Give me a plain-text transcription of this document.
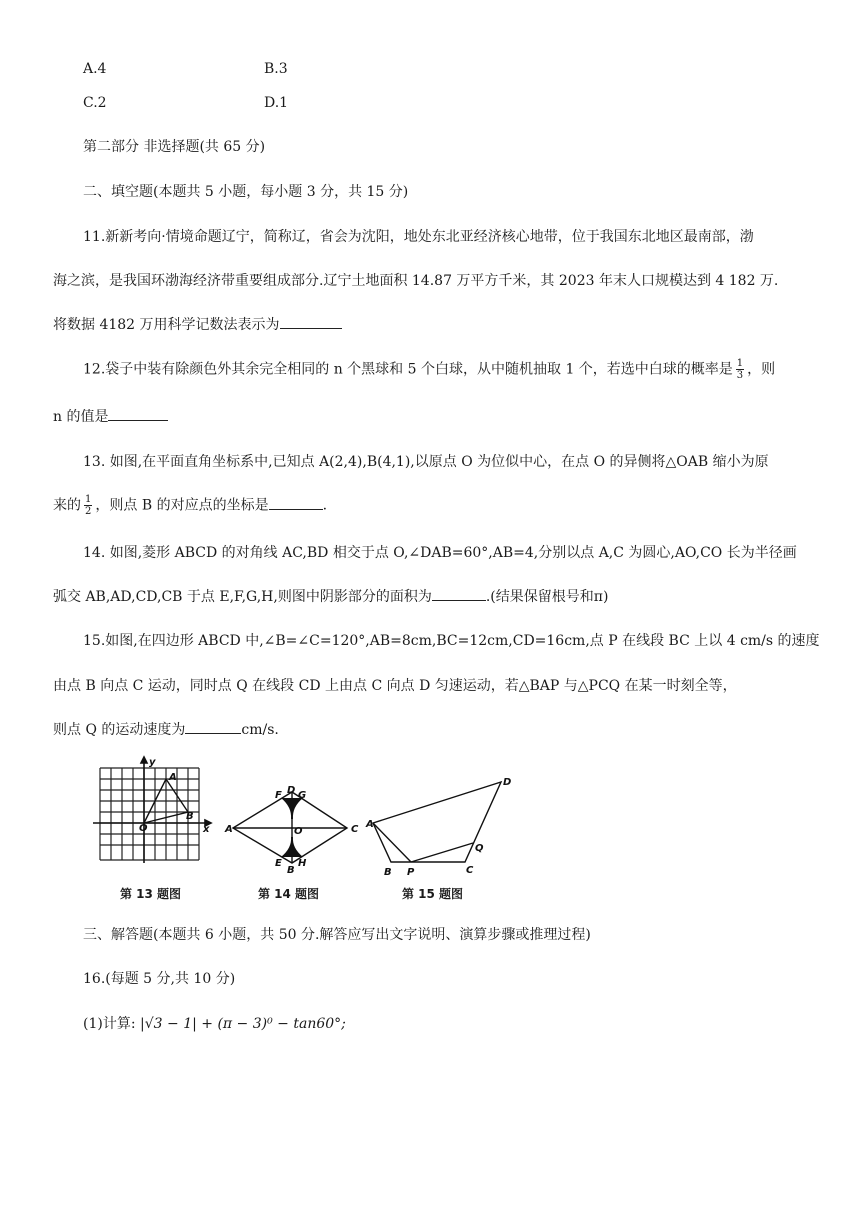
A.4	B.3
C.2	D.1
第二部分 非选择题(共 65 分)
二、填空题(本题共 5 小题，每小题 3 分，共 15 分)
11.新新考向·情境命题辽宁，简称辽，省会为沈阳，地处东北亚经济核心地带，位于我国东北地区最南部，渤
海之滨，是我国环渤海经济带重要组成部分.辽宁土地面积 14.87 万平方千米，其 2023 年末人口规模达到 4 182 万.
将数据 4182 万用科学记数法表示为
12.袋子中装有除颜色外其余完全相同的 n 个黑球和 5 个白球，从中随机抽取 1 个，若选中白球的概率是 $\frac{1}{3}$ ，则
n 的值是
13. 如图,在平面直角坐标系中,已知点 A(2,4),B(4,1),以原点 O 为位似中心，在点 O 的异侧将△OAB 缩小为原
来的 $\frac{1}{2}$ ，则点 B 的对应点的坐标是	.
14. 如图,菱形 ABCD 的对角线 AC,BD 相交于点 O,∠DAB=60°,AB=4,分别以点 A,C 为圆心,AO,CO 长为半径画
弧交 AB,AD,CD,CB 于点 E,F,G,H,则图中阴影部分的面积为	.(结果保留根号和π)
15.如图,在四边形 ABCD 中,∠B=∠C=120°,AB=8cm,BC=12cm,CD=16cm,点 P 在线段 BC 上以 4 cm/s 的速度
由点 B 向点 C 运动，同时点 Q 在线段 CD 上由点 C 向点 D 匀速运动，若△BAP 与△PCQ 在某一时刻全等，
则点 Q 的运动速度为	cm/s.
y
x
A
B
O	A	C
O
D
B
E
F G
H
A
D
B P	C
Q
第 13 题图	第 14 题图	第 15 题图
三、解答题(本题共 6 小题，共 50 分.解答应写出文字说明、演算步骤或推理过程)
16.(每题 5 分,共 10 分)
(1)计算: |√3 − 1| + (π − 3)⁰ − tan60°;
